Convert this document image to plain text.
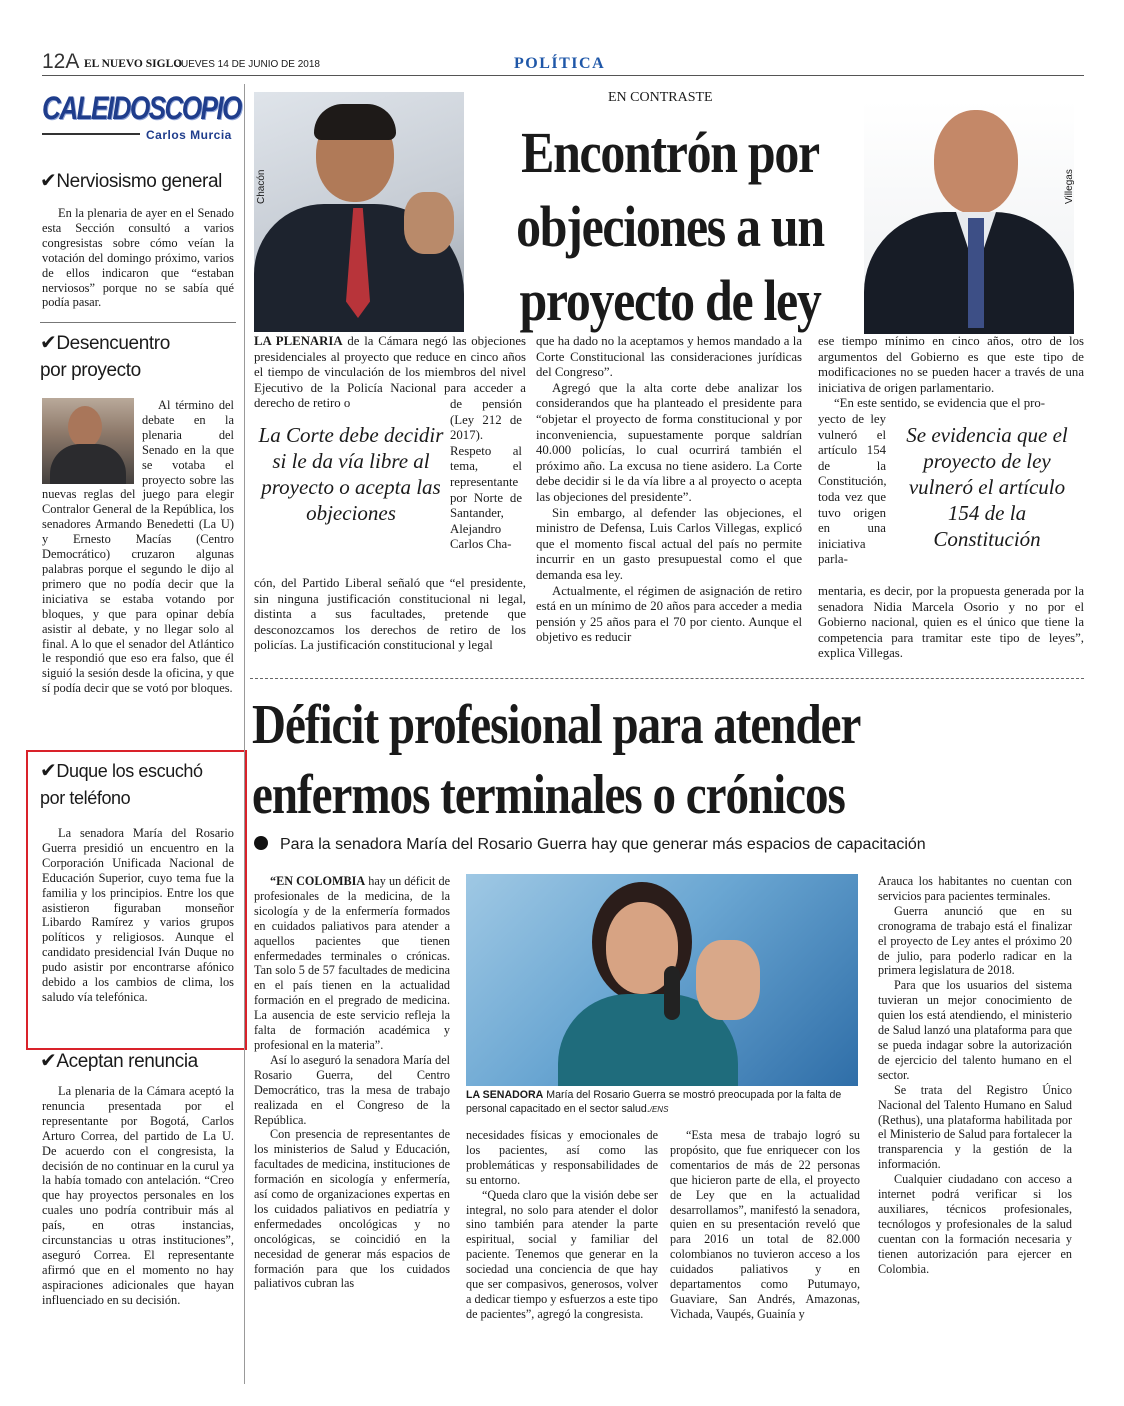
12A EL NUEVO SIGLO
JUEVES 14 DE JUNIO DE 2018	POLÍTICA
CALEIDOSCOPIO
Carlos Murcia
✔Nerviosismo general

En la plenaria de ayer en el Senado esta Sección consultó a varios congresistas sobre cómo veían la votación del domingo próximo, varios de ellos indicaron que “estaban nerviosos” porque no se sabía qué podía pasar.

✔Desencuentro
por proyecto

Al término del debate en la plenaria del Senado en la que se votaba el proyecto sobre las nuevas reglas del juego para elegir Contralor General de la República, los senadores Armando Benedetti (La U) y Ernesto Macías (Centro Democrático) cruzaron algunas palabras porque el segundo le dijo al primero que no podía decir que la iniciativa se estaba votando por bloques, y que para opinar debía asistir al debate, y no llegar solo al final. A lo que el senador del Atlántico le respondió que eso era falso, que él siguió la sesión desde la oficina, y que sí podía decir que se votó por bloques.

✔Duque los escuchó
por teléfono

La senadora María del Rosario Guerra presidió un encuentro en la Corporación Unificada Nacional de Educación Superior, cuyo tema fue la familia y los principios. Entre los que asistieron figuraban monseñor Libardo Ramírez y varios grupos políticos y religiosos. Aunque el candidato presidencial Iván Duque no pudo asistir por encontrarse afónico debido a los cambios de clima, los saludo vía telefónica.

✔Aceptan renuncia

La plenaria de la Cámara aceptó la renuncia presentada por el representante por Bogotá, Carlos Arturo Correa, del partido de La U. De acuerdo con el congresista, la decisión de no continuar en la curul ya la había tomado con antelación. “Creo que hay proyectos personales en los cuales uno podría contribuir más al país, en otras instancias, circunstancias u otras instituciones”, aseguró Correa. El representante afirmó que en el momento no hay aspiraciones adicionales que hayan influenciado en su decisión.

Chacón	Villegas
EN CONTRASTE
Encontrón por
objeciones a un
proyecto de ley

LA PLENARIA de la Cámara negó las objeciones presidenciales al proyecto que reduce en cinco años el tiempo de vinculación de los miembros del nivel Ejecutivo de la Policía Nacional para acceder a derecho de retiro o

La Corte debe decidir si le da vía libre al proyecto o acepta las objeciones

de pensión (Ley 212 de 2017). Respeto al tema, el representante por Norte de Santander, Alejandro Carlos Cha-

cón, del Partido Liberal señaló que “el presidente, sin ninguna justificación constitucional ni legal, distinta a sus facultades, pretende que desconozcamos los derechos de retiro de los policías. La justificación constitucional y legal

que ha dado no la aceptamos y hemos mandado a la Corte Constitucional las consideraciones jurídicas del Congreso”.

Agregó que la alta corte debe analizar los considerandos que ha planteado el presidente para “objetar el proyecto de forma constitucional y por inconveniencia, supuestamente porque saldrían 40.000 policías, lo cual ocurrirá también el próximo año. La excusa no tiene asidero. La Corte debe decidir si le da vía libre a al proyecto o acepta las objeciones del presidente”.

Sin embargo, al defender las objeciones, el ministro de Defensa, Luis Carlos Villegas, explicó que el momento fiscal actual del país no permite incurrir en un gasto presupuestal como el que demanda esa ley.

Actualmente, el régimen de asignación de retiro está en un mínimo de 20 años para acceder a media pensión y 25 años para el 70 por ciento. Aunque el objetivo es reducir

ese tiempo mínimo en cinco años, otro de los argumentos del Gobierno es que este tipo de modificaciones no se pueden hacer a través de una iniciativa de origen parlamentario.

“En este sentido, se evidencia que el pro-

yecto de ley vulneró el artículo 154 de la Constitución, toda vez que tuvo origen en una iniciativa parla-

Se evidencia que el proyecto de ley vulneró el artículo 154 de la Constitución

mentaria, es decir, por la propuesta generada por la senadora Nidia Marcela Osorio y no por el Gobierno nacional, quien es el único que tiene la competencia para tramitar este tipo de leyes”, explica Villegas.

Déficit profesional para atender
enfermos terminales o crónicos
Para la senadora María del Rosario Guerra hay que generar más espacios de capacitación

“EN COLOMBIA hay un déficit de profesionales de la medicina, de la sicología y de la enfermería formados en cuidados paliativos para atender a aquellos pacientes que tienen enfermedades terminales o crónicas. Tan solo 5 de 57 facultades de medicina en el país tienen en la actualidad formación en el pregrado de medicina. La ausencia de este servicio refleja la falta de formación académica y profesional en la materia”.

Así lo aseguró la senadora María del Rosario Guerra, del Centro Democrático, tras la mesa de trabajo realizada en el Congreso de la República.

Con presencia de representantes de los ministerios de Salud y Educación, facultades de medicina, instituciones de formación en sicología y enfermería, así como de organizaciones expertas en los cuidados paliativos en pediatría y enfermedades oncológicas y no oncológicas, se coincidió en la necesidad de generar más espacios de formación para que los cuidados paliativos cubran las

LA SENADORA María del Rosario Guerra se mostró preocupada por la falta de personal capacitado en el sector salud./ENS

necesidades físicas y emocionales de los pacientes, así como las problemáticas y responsabilidades de su entorno.

“Queda claro que la visión debe ser integral, no solo para atender el dolor sino también para atender la parte espiritual, social y familiar del paciente. Tenemos que generar en la sociedad una conciencia de que hay que ser compasivos, generosos, volver a dedicar tiempo y esfuerzos a este tipo de pacientes”, agregó la congresista.

“Esta mesa de trabajo logró su propósito, que fue enriquecer con los comentarios de más de 22 personas que hicieron parte de ella, el proyecto de Ley que en la actualidad desarrollamos”, manifestó la senadora, quien en su presentación reveló que para 2016 un total de 82.000 colombianos no tuvieron acceso a los cuidados paliativos y en departamentos como Putumayo, Guaviare, San Andrés, Amazonas, Vichada, Vaupés, Guainía y

Arauca los habitantes no cuentan con servicios para pacientes terminales.

Guerra anunció que en su cronograma de trabajo está el finalizar el proyecto de Ley antes el próximo 20 de julio, para poderlo radicar en la primera legislatura de 2018.

Para que los usuarios del sistema tuvieran un mejor conocimiento de quien los está atendiendo, el ministerio de Salud lanzó una plataforma para que se pueda indagar sobre la autorización de ejercicio del talento humano en el sector.

Se trata del Registro Único Nacional del Talento Humano en Salud (Rethus), una plataforma habilitada por el Ministerio de Salud para fortalecer la transparencia y la gestión de la información.

Cualquier ciudadano con acceso a internet podrá verificar si los auxiliares, técnicos profesionales, tecnólogos y profesionales de la salud cuentan con la formación necesaria y tienen autorización para ejercer en Colombia.
